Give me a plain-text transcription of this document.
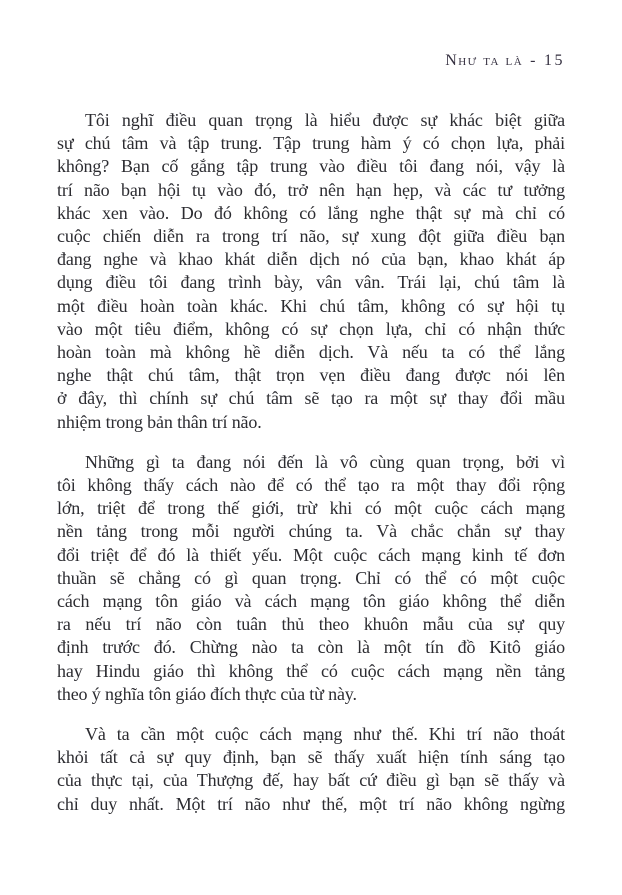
Như ta là - 15
Tôi nghĩ điều quan trọng là hiểu được sự khác biệt giữa
sự chú tâm và tập trung. Tập trung hàm ý có chọn lựa, phải
không? Bạn cố gắng tập trung vào điều tôi đang nói, vậy là
trí não bạn hội tụ vào đó, trở nên hạn hẹp, và các tư tưởng
khác xen vào. Do đó không có lắng nghe thật sự mà chỉ có
cuộc chiến diễn ra trong trí não, sự xung đột giữa điều bạn
đang nghe và khao khát diễn dịch nó của bạn, khao khát áp
dụng điều tôi đang trình bày, vân vân. Trái lại, chú tâm là
một điều hoàn toàn khác. Khi chú tâm, không có sự hội tụ
vào một tiêu điểm, không có sự chọn lựa, chỉ có nhận thức
hoàn toàn mà không hề diễn dịch. Và nếu ta có thể lắng
nghe thật chú tâm, thật trọn vẹn điều đang được nói lên
ở đây, thì chính sự chú tâm sẽ tạo ra một sự thay đổi mầu
nhiệm trong bản thân trí não.
Những gì ta đang nói đến là vô cùng quan trọng, bởi vì
tôi không thấy cách nào để có thể tạo ra một thay đổi rộng
lớn, triệt để trong thế giới, trừ khi có một cuộc cách mạng
nền tảng trong mỗi người chúng ta. Và chắc chắn sự thay
đổi triệt để đó là thiết yếu. Một cuộc cách mạng kinh tế đơn
thuần sẽ chẳng có gì quan trọng. Chỉ có thể có một cuộc
cách mạng tôn giáo và cách mạng tôn giáo không thể diễn
ra nếu trí não còn tuân thủ theo khuôn mẫu của sự quy
định trước đó. Chừng nào ta còn là một tín đồ Kitô giáo
hay Hindu giáo thì không thể có cuộc cách mạng nền tảng
theo ý nghĩa tôn giáo đích thực của từ này.
Và ta cần một cuộc cách mạng như thế. Khi trí não thoát
khỏi tất cả sự quy định, bạn sẽ thấy xuất hiện tính sáng tạo
của thực tại, của Thượng đế, hay bất cứ điều gì bạn sẽ thấy và
chỉ duy nhất. Một trí não như thế, một trí não không ngừng
